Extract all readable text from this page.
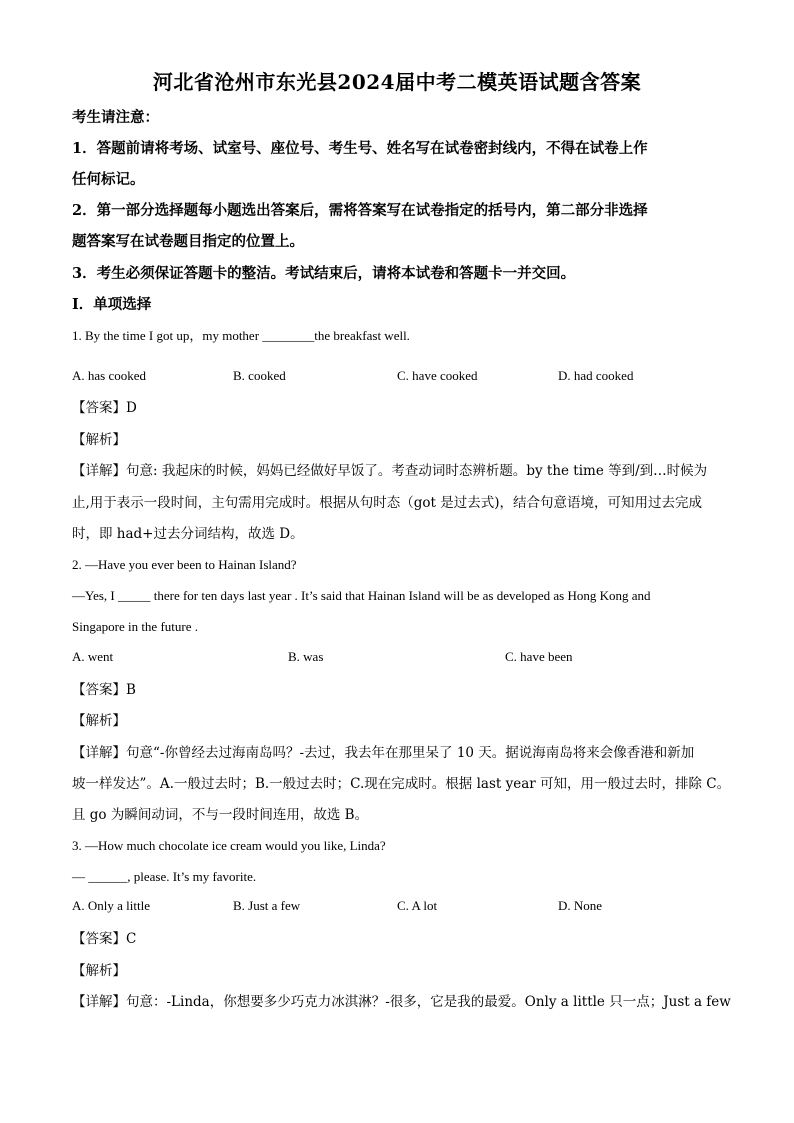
河北省沧州市东光县2024届中考二模英语试题含答案
考生请注意：
1．答题前请将考场、试室号、座位号、考生号、姓名写在试卷密封线内，不得在试卷上作
任何标记。
2．第一部分选择题每小题选出答案后，需将答案写在试卷指定的括号内，第二部分非选择
题答案写在试卷题目指定的位置上。
3．考生必须保证答题卡的整洁。考试结束后，请将本试卷和答题卡一并交回。
Ⅰ．单项选择
1. By the time I got up，my mother ________the breakfast well.
A. has cooked	B. cooked	C. have cooked	D. had cooked
【答案】D
【解析】
【详解】句意: 我起床的时候，妈妈已经做好早饭了。考查动词时态辨析题。by the time 等到/到…时候为
止,用于表示一段时间，主句需用完成时。根据从句时态（got 是过去式)，结合句意语境，可知用过去完成
时，即 had+过去分词结构，故选 D。
2. —Have you ever been to Hainan Island?
—Yes, I _____ there for ten days last year . It’s said that Hainan Island will be as developed as Hong Kong and
Singapore in the future .
A. went	B. was	C. have been
【答案】B
【解析】
【详解】句意“-你曾经去过海南岛吗？-去过，我去年在那里呆了 10 天。据说海南岛将来会像香港和新加
坡一样发达”。A.一般过去时；B.一般过去时；C.现在完成时。根据 last year 可知，用一般过去时，排除 C。
且 go 为瞬间动词，不与一段时间连用，故选 B。
3. —How much chocolate ice cream would you like, Linda?
— ______, please. It’s my favorite.
A. Only a little	B. Just a few	C. A lot	D. None
【答案】C
【解析】
【详解】句意：-Linda，你想要多少巧克力冰淇淋？-很多，它是我的最爱。Only a little 只一点；Just a few
